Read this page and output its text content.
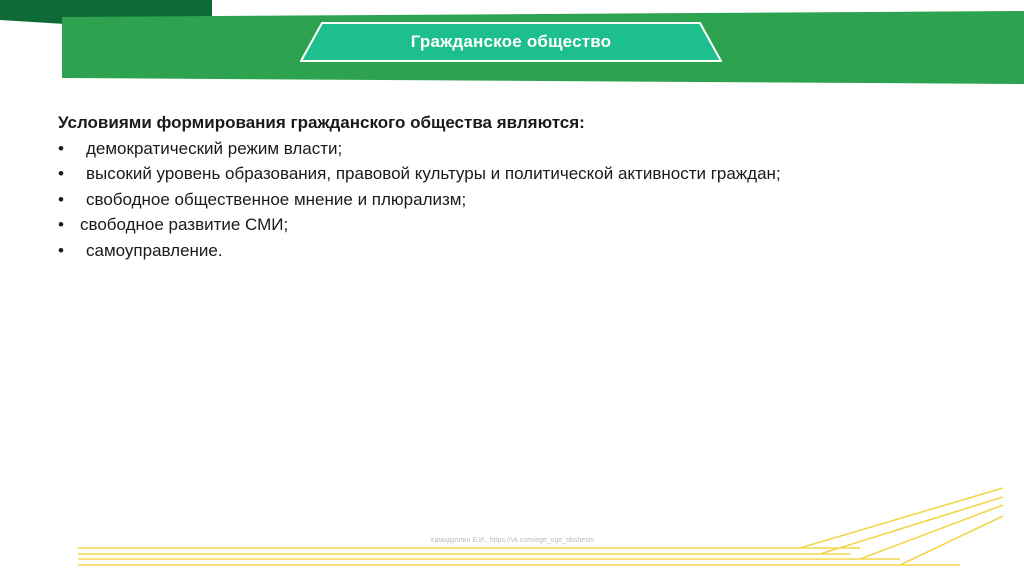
Гражданское общество

Условиями формирования гражданского общества являются:

•	демократический режим власти;
•	высокий уровень образования, правовой культуры и политической активности граждан;
•	свободное общественное мнение и плюрализм;
• свободное развитие СМИ;
•	самоуправление.
Хамидуллин Б.И., https://vk.com/ege_oge_obshestv
